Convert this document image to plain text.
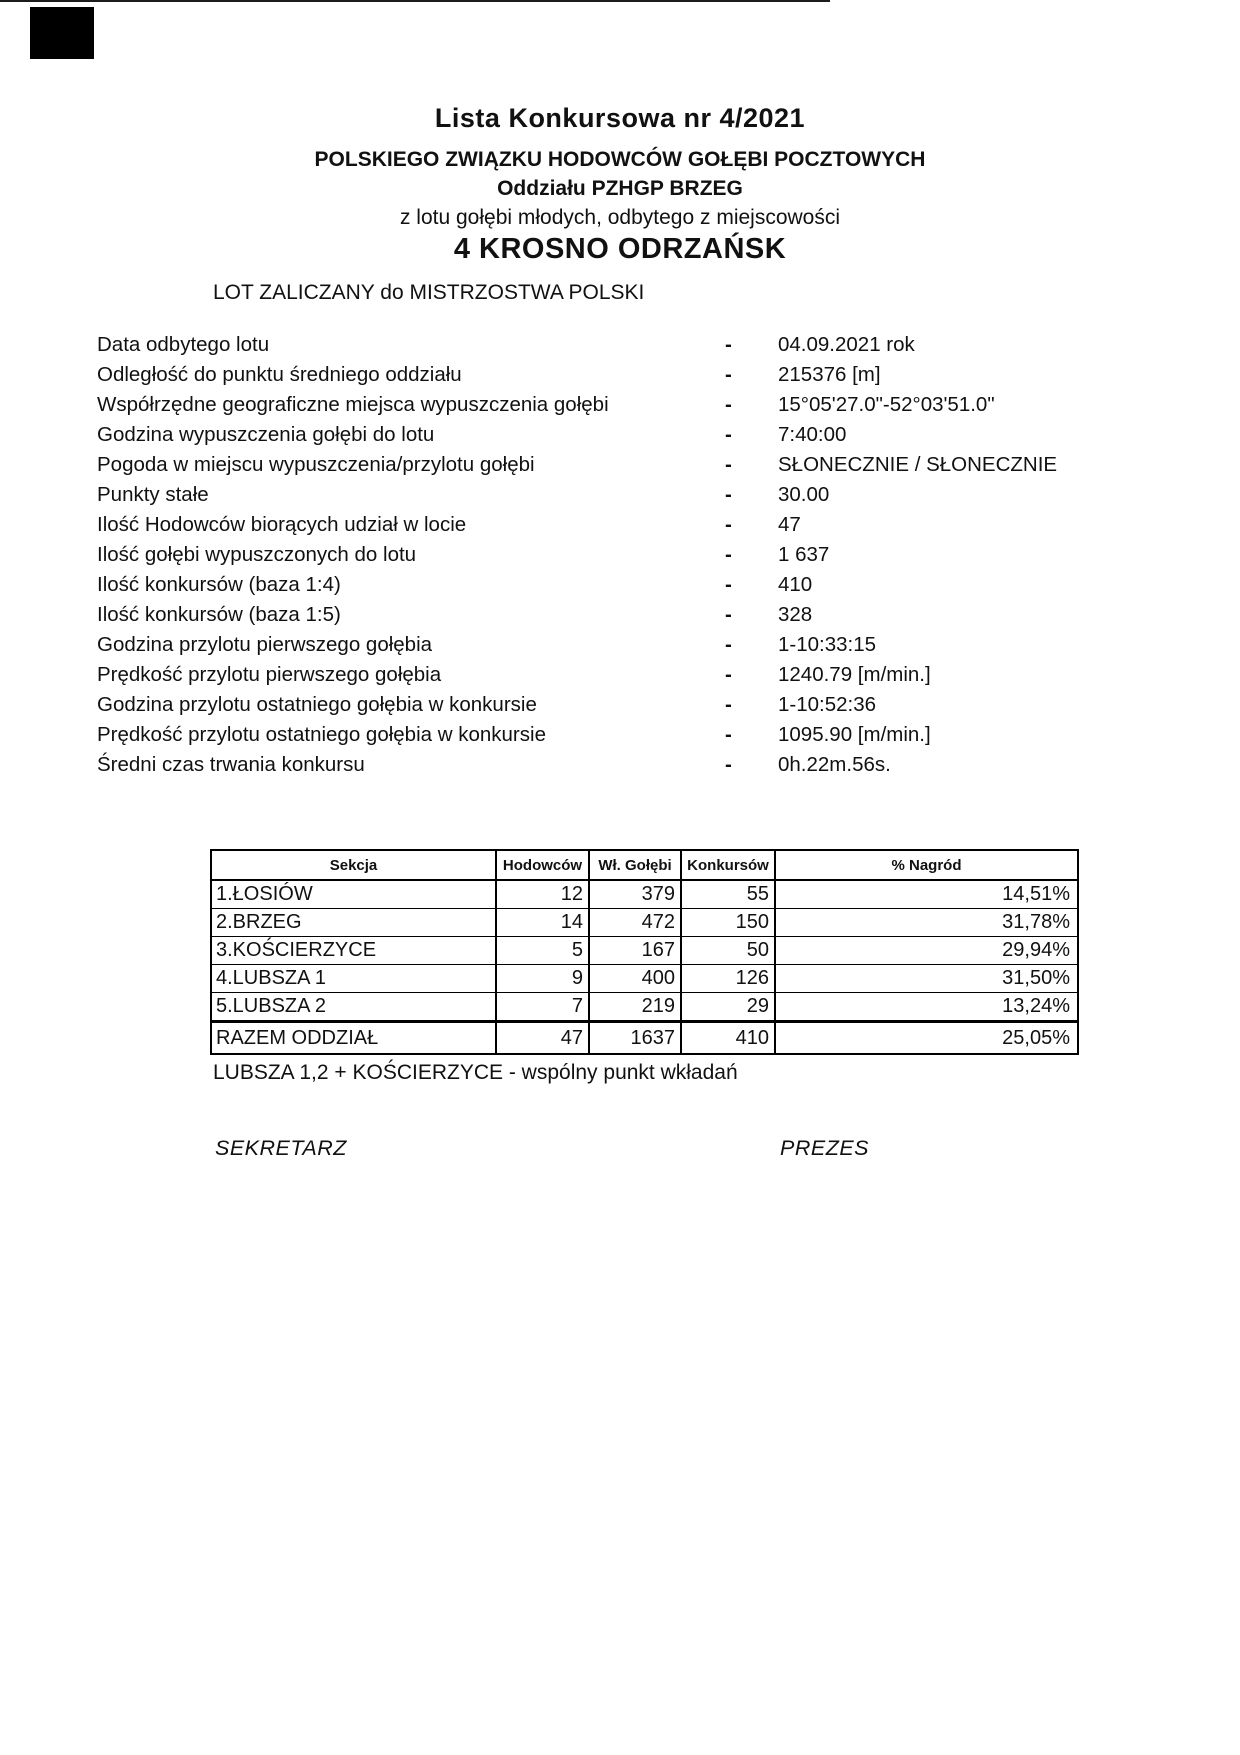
Lista Konkursowa nr 4/2021
POLSKIEGO ZWIĄZKU HODOWCÓW GOŁĘBI POCZTOWYCH
Oddziału PZHGP BRZEG
z lotu gołębi młodych, odbytego z miejscowości
4 KROSNO ODRZAŃSK
LOT ZALICZANY do MISTRZOSTWA POLSKI
Data odbytego lotu	- 04.09.2021 rok
Odległość do punktu średniego oddziału	- 215376 [m]
Współrzędne geograficzne miejsca wypuszczenia gołębi	- 15°05'27.0"-52°03'51.0"
Godzina wypuszczenia gołębi do lotu	- 7:40:00
Pogoda w miejscu wypuszczenia/przylotu gołębi	- SŁONECZNIE / SŁONECZNIE
Punkty stałe	- 30.00
Ilość Hodowców biorących udział w locie	- 47
Ilość gołębi wypuszczonych do lotu	- 1 637
Ilość konkursów (baza 1:4)	- 410
Ilość konkursów (baza 1:5)	- 328
Godzina przylotu pierwszego gołębia	- 1-10:33:15
Prędkość przylotu pierwszego gołębia	- 1240.79 [m/min.]
Godzina przylotu ostatniego gołębia w konkursie	- 1-10:52:36
Prędkość przylotu ostatniego gołębia w konkursie	- 1095.90 [m/min.]
Średni czas trwania konkursu	- 0h.22m.56s.
Sekcja	Hodowców	Wł. Gołębi	Konkursów	% Nagród
1.ŁOSIÓW	12	379	55	14,51%
2.BRZEG	14	472	150	31,78%
3.KOŚCIERZYCE	5	167	50	29,94%
4.LUBSZA 1	9	400	126	31,50%
5.LUBSZA 2	7	219	29	13,24%
RAZEM ODDZIAŁ	47	1637	410	25,05%
LUBSZA 1,2 + KOŚCIERZYCE - wspólny punkt wkładań
SEKRETARZ	PREZES
